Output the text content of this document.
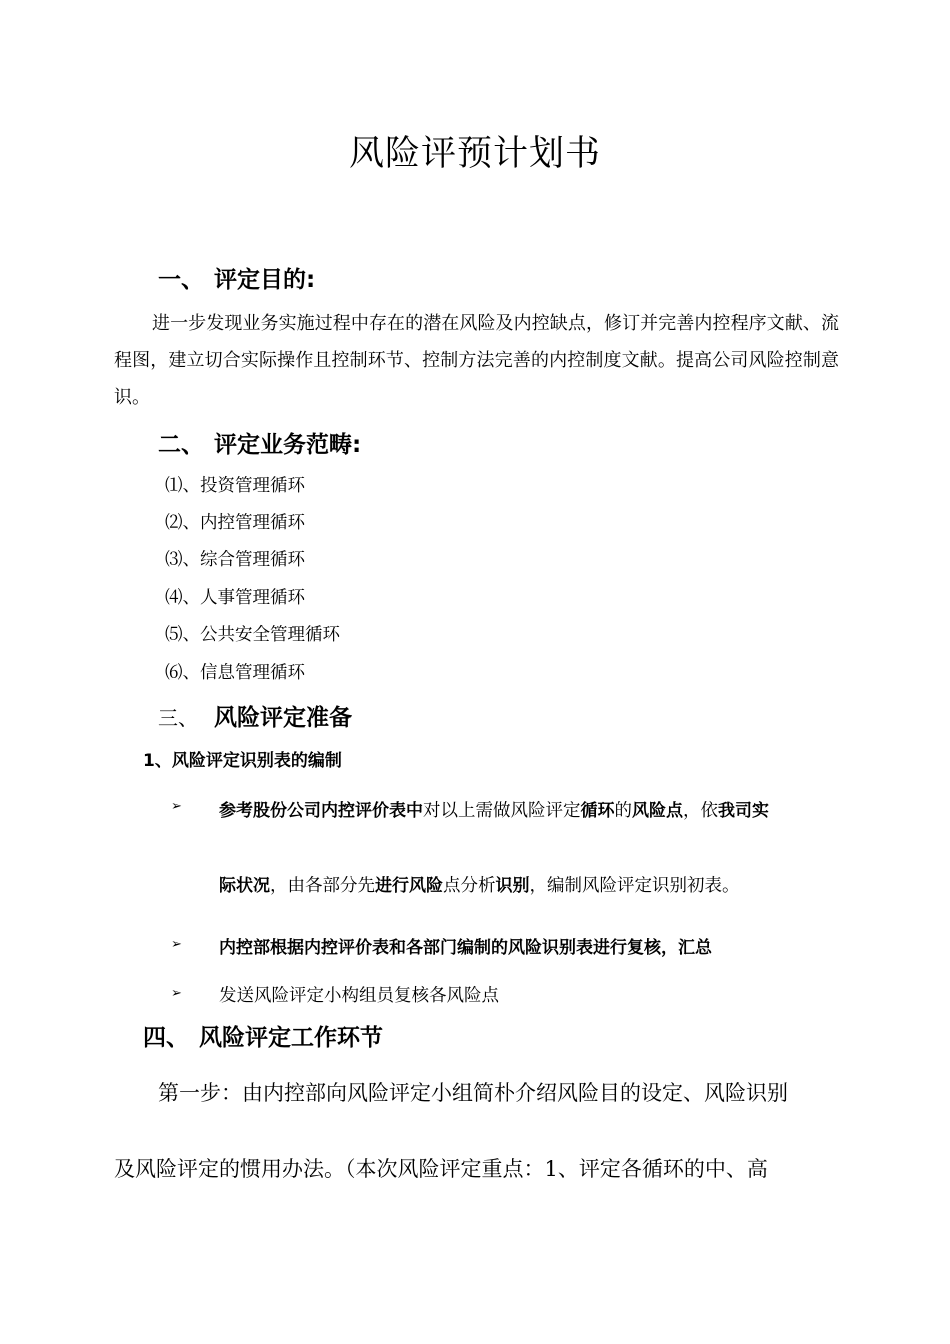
风险评预计划书
一、 评定目的:
进一步发现业务实施过程中存在的潜在风险及内控缺点，修订并完善内控程序文献、流程图，建立切合实际操作且控制环节、控制方法完善的内控制度文献。提高公司风险控制意识。
二、 评定业务范畴:
⑴、投资管理循环
⑵、内控管理循环
⑶、综合管理循环
⑷、人事管理循环
⑸、公共安全管理循环
⑹、信息管理循环
三、 风险评定准备
1、风险评定识别表的编制
➢ 参考股份公司内控评价表中对以上需做风险评定循环的风险点，依我司实
际状况，由各部分先进行风险点分析识别，编制风险评定识别初表。
➢ 内控部根据内控评价表和各部门编制的风险识别表进行复核，汇总
➢ 发送风险评定小构组员复核各风险点
四、 风险评定工作环节
第一步：由内控部向风险评定小组简朴介绍风险目的设定、风险识别
及风险评定的惯用办法。（本次风险评定重点：1、评定各循环的中、高
